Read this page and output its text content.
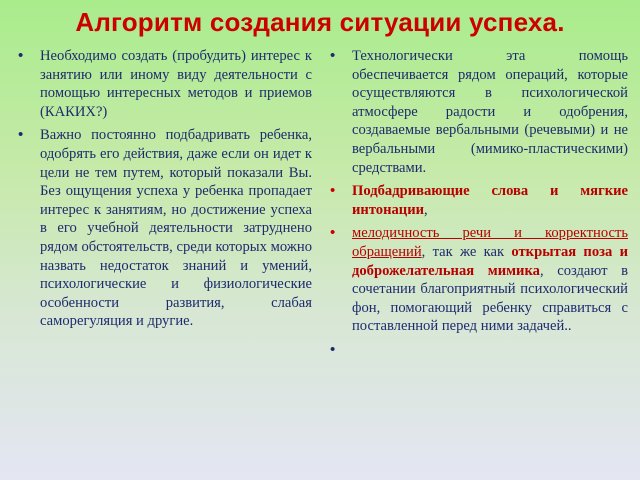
Алгоритм создания ситуации успеха.
• Необходимо создать (пробудить) интерес к занятию или иному виду деятельности с помощью интересных методов и приемов (КАКИХ?)
• Важно постоянно подбадривать ребенка, одобрять его действия, даже если он идет к цели не тем путем, который показали Вы. Без ощущения успеха у ребенка пропадает интерес к занятиям, но достижение успеха в его учебной деятельности затруднено рядом обстоятельств, среди которых можно назвать недостаток знаний и умений, психологические и физиологические особенности развития, слабая саморегуляция и другие.
• Технологически эта помощь обеспечивается рядом операций, которые осуществляются в психологической атмосфере радости и одобрения, создаваемые вербальными (речевыми) и не вербальными (мимико-пластическими) средствами.
• Подбадривающие слова и мягкие интонации,
• мелодичность речи и корректность обращений, так же как открытая поза и доброжелательная мимика, создают в сочетании благоприятный психологический фон, помогающий ребенку справиться с поставленной перед ними задачей..
•
